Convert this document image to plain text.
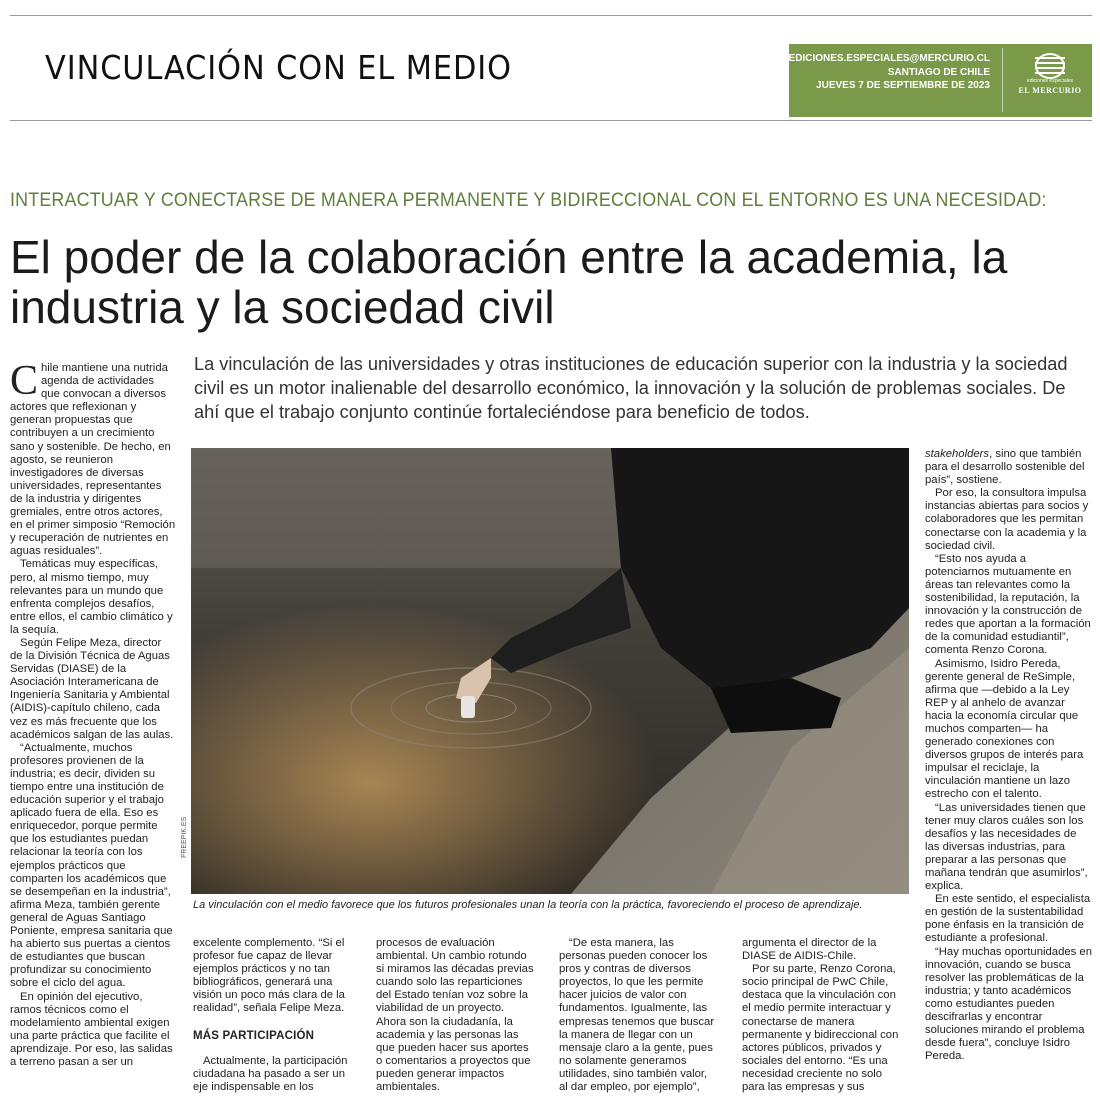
VINCULACIÓN CON EL MEDIO	EDICIONES.ESPECIALES@MERCURIO.CL
SANTIAGO DE CHILE
JUEVES 7 DE SEPTIEMBRE DE 2023	ediciones especiales
EL MERCURIO
INTERACTUAR Y CONECTARSE DE MANERA PERMANENTE Y BIDIRECCIONAL CON EL ENTORNO ES UNA NECESIDAD:
El poder de la colaboración entre la academia, la industria y la sociedad civil
La vinculación de las universidades y otras instituciones de educación superior con la industria y la sociedad civil es un motor inalienable del desarrollo económico, la innovación y la solución de problemas sociales. De ahí que el trabajo conjunto continúe fortaleciéndose para beneficio de todos.

Chile mantiene una nutrida agenda de actividades que convocan a diversos actores que reflexionan y generan propuestas que contribuyen a un crecimiento sano y sostenible. De hecho, en agosto, se reunieron investigadores de diversas universidades, representantes de la industria y dirigentes gremiales, entre otros actores, en el primer simposio “Remoción y recuperación de nutrientes en aguas residuales”.

Temáticas muy específicas, pero, al mismo tiempo, muy relevantes para un mundo que enfrenta complejos desafíos, entre ellos, el cambio climático y la sequía.

Según Felipe Meza, director de la División Técnica de Aguas Servidas (DIASE) de la Asociación Interamericana de Ingeniería Sanitaria y Ambiental (AIDIS)-capítulo chileno, cada vez es más frecuente que los académicos salgan de las aulas.

“Actualmente, muchos profesores provienen de la industria; es decir, dividen su tiempo entre una institución de educación superior y el trabajo aplicado fuera de ella. Eso es enriquecedor, porque permite que los estudiantes puedan relacionar la teoría con los ejemplos prácticos que comparten los académicos que se desempeñan en la industria”, afirma Meza, también gerente general de Aguas Santiago Poniente, empresa sanitaria que ha abierto sus puertas a cientos de estudiantes que buscan profundizar su conocimiento sobre el ciclo del agua.

En opinión del ejecutivo, ramos técnicos como el modelamiento ambiental exigen una parte práctica que facilite el aprendizaje. Por eso, las salidas a terreno pasan a ser un

FREEPIK.ES
La vinculación con el medio favorece que los futuros profesionales unan la teoría con la práctica, favoreciendo el proceso de aprendizaje.

excelente complemento. “Si el profesor fue capaz de llevar ejemplos prácticos y no tan bibliográficos, generará una visión un poco más clara de la realidad”, señala Felipe Meza.

MÁS PARTICIPACIÓN

Actualmente, la participación ciudadana ha pasado a ser un eje indispensable en los

procesos de evaluación ambiental. Un cambio rotundo si miramos las décadas previas cuando solo las reparticiones del Estado tenían voz sobre la viabilidad de un proyecto. Ahora son la ciudadanía, la academia y las personas las que pueden hacer sus aportes o comentarios a proyectos que pueden generar impactos ambientales.

“De esta manera, las personas pueden conocer los pros y contras de diversos proyectos, lo que les permite hacer juicios de valor con fundamentos. Igualmente, las empresas tenemos que buscar la manera de llegar con un mensaje claro a la gente, pues no solamente generamos utilidades, sino también valor, al dar empleo, por ejemplo”,

argumenta el director de la DIASE de AIDIS-Chile.

Por su parte, Renzo Corona, socio principal de PwC Chile, destaca que la vinculación con el medio permite interactuar y conectarse de manera permanente y bidireccional con actores públicos, privados y sociales del entorno. “Es una necesidad creciente no solo para las empresas y sus

stakeholders, sino que también para el desarrollo sostenible del país”, sostiene.

Por eso, la consultora impulsa instancias abiertas para socios y colaboradores que les permitan conectarse con la academia y la sociedad civil.

“Esto nos ayuda a potenciarnos mutuamente en áreas tan relevantes como la sostenibilidad, la reputación, la innovación y la construcción de redes que aportan a la formación de la comunidad estudiantil”, comenta Renzo Corona.

Asimismo, Isidro Pereda, gerente general de ReSimple, afirma que —debido a la Ley REP y al anhelo de avanzar hacia la economía circular que muchos comparten— ha generado conexiones con diversos grupos de interés para impulsar el reciclaje, la vinculación mantiene un lazo estrecho con el talento.

“Las universidades tienen que tener muy claros cuáles son los desafíos y las necesidades de las diversas industrias, para preparar a las personas que mañana tendrán que asumirlos”, explica.

En este sentido, el especialista en gestión de la sustentabilidad pone énfasis en la transición de estudiante a profesional.

“Hay muchas oportunidades en innovación, cuando se busca resolver las problemáticas de la industria; y tanto académicos como estudiantes pueden descifrarlas y encontrar soluciones mirando el problema desde fuera”, concluye Isidro Pereda.
